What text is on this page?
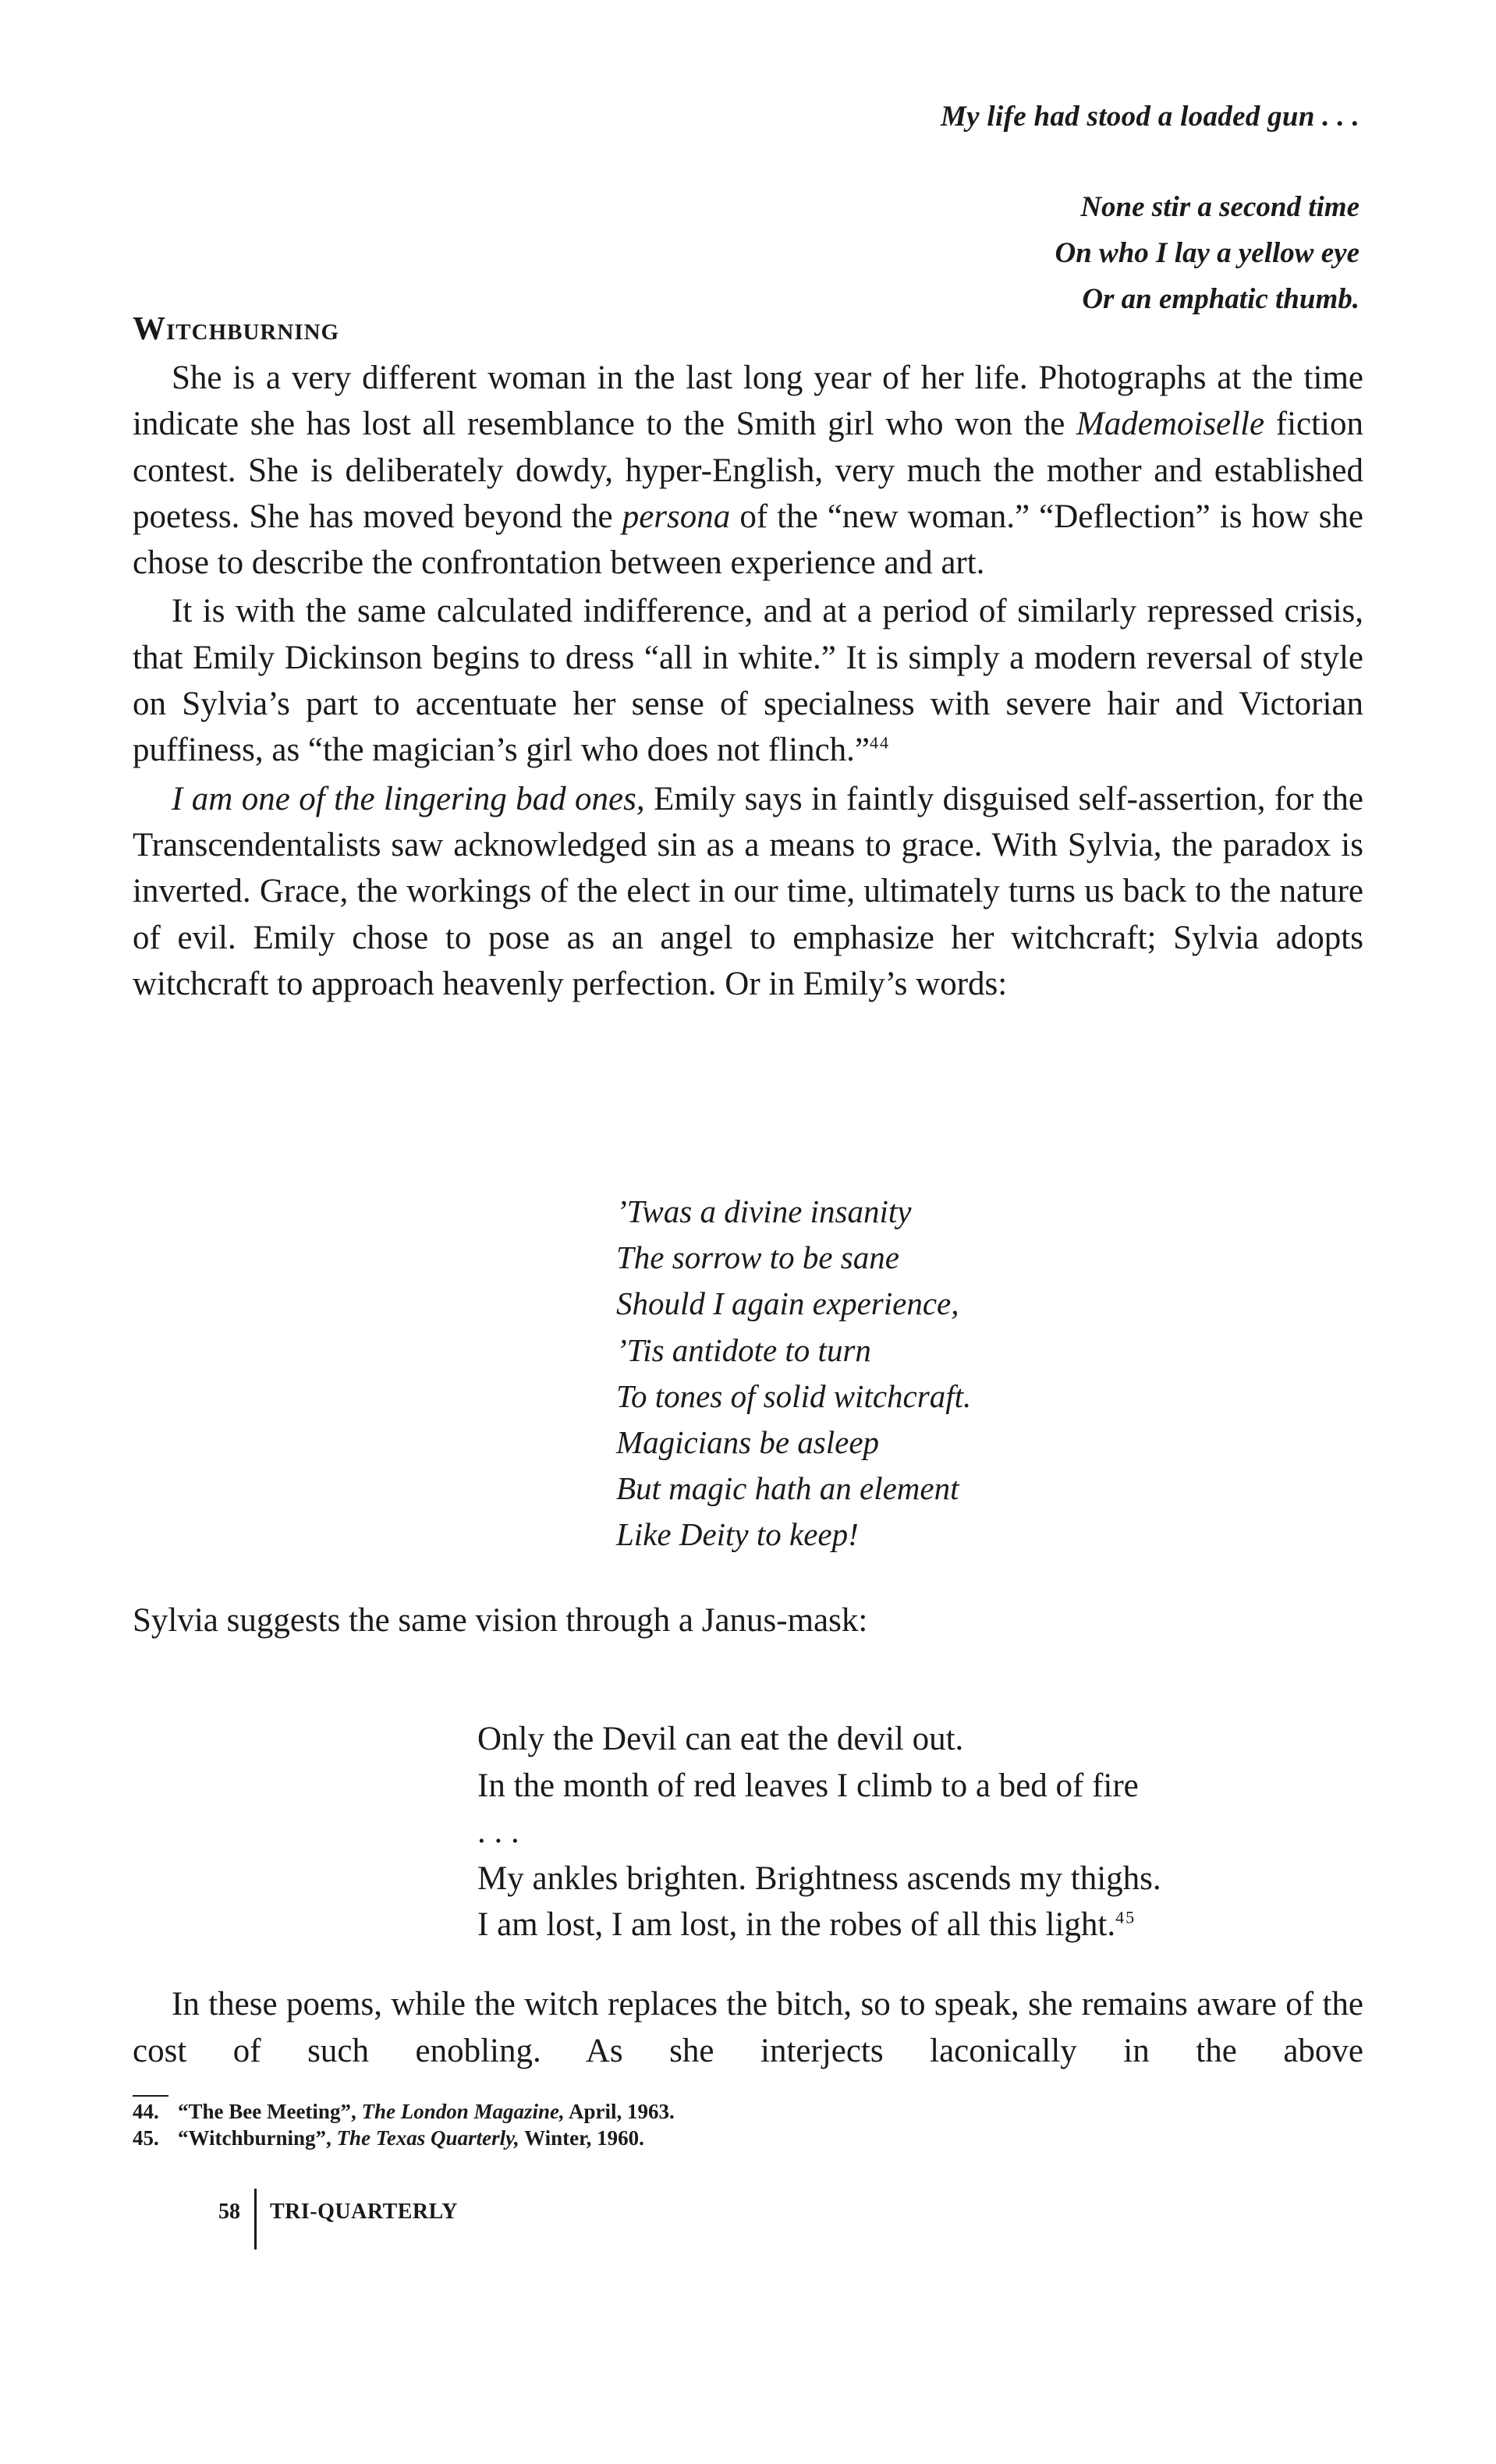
My life had stood a loaded gun . . .
None stir a second time
On who I lay a yellow eye
Or an emphatic thumb.
Witchburning

She is a very different woman in the last long year of her life. Photographs at the time indicate she has lost all resemblance to the Smith girl who won the Mademoiselle fiction contest. She is deliberately dowdy, hyper-English, very much the mother and established poetess. She has moved beyond the persona of the “new woman.” “Deflection” is how she chose to describe the confrontation between experience and art.

It is with the same calculated indifference, and at a period of similarly repressed crisis, that Emily Dickinson begins to dress “all in white.” It is simply a modern reversal of style on Sylvia’s part to accentuate her sense of specialness with severe hair and Victorian puffiness, as “the magician’s girl who does not flinch.”$^{44}$

I am one of the lingering bad ones, Emily says in faintly disguised self-assertion, for the Transcendentalists saw acknowledged sin as a means to grace. With Sylvia, the paradox is inverted. Grace, the workings of the elect in our time, ultimately turns us back to the nature of evil. Emily chose to pose as an angel to emphasize her witchcraft; Sylvia adopts witchcraft to approach heavenly perfection. Or in Emily’s words:

’Twas a divine insanity
The sorrow to be sane
Should I again experience,
’Tis antidote to turn
To tones of solid witchcraft.
Magicians be asleep
But magic hath an element
Like Deity to keep!
Sylvia suggests the same vision through a Janus-mask:
Only the Devil can eat the devil out.
In the month of red leaves I climb to a bed of fire
. . .
My ankles brighten. Brightness ascends my thighs.
I am lost, I am lost, in the robes of all this light.$^{45}$

In these poems, while the witch replaces the bitch, so to speak, she remains aware of the cost of such enobling. As she interjects laconically in the above

44. “The Bee Meeting”, The London Magazine, April, 1963.
45. “Witchburning”, The Texas Quarterly, Winter, 1960.
58 TRI-QUARTERLY
